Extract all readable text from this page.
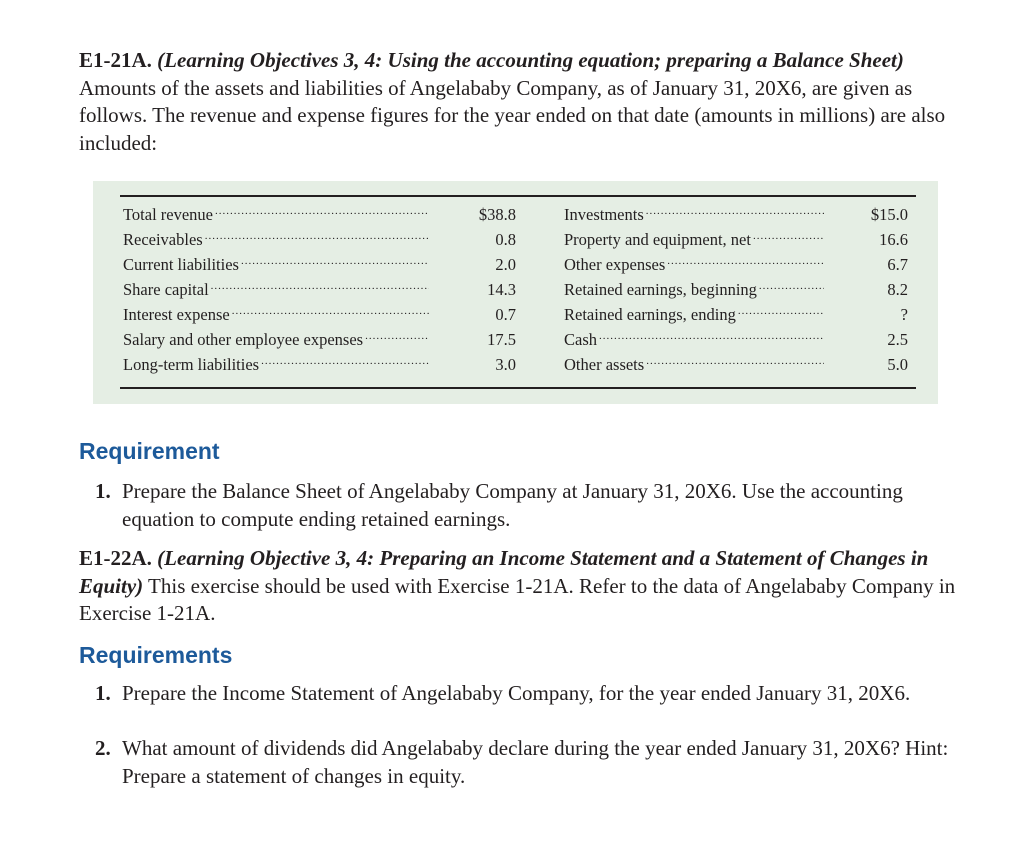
E1-21A. (Learning Objectives 3, 4: Using the accounting equation; preparing a Balance Sheet) Amounts of the assets and liabilities of Angelababy Company, as of January 31, 20X6, are given as follows. The revenue and expense figures for the year ended on that date (amounts in millions) are also included:

Total revenue .....	$38.8
Receivables .....	0.8
Current liabilities .....	2.0
Share capital .....	14.3
Interest expense .....	0.7
Salary and other employee expenses .....	17.5
Long-term liabilities .....	3.0
Investments .....	$15.0
Property and equipment, net .....	16.6
Other expenses .....	6.7
Retained earnings, beginning .....	8.2
Retained earnings, ending .....	?
Cash .....	2.5
Other assets .....	5.0
Requirement
1. Prepare the Balance Sheet of Angelababy Company at January 31, 20X6. Use the accounting equation to compute ending retained earnings.

E1-22A. (Learning Objective 3, 4: Preparing an Income Statement and a Statement of Changes in Equity) This exercise should be used with Exercise 1-21A. Refer to the data of Angelababy Company in Exercise 1-21A.

Requirements
1. Prepare the Income Statement of Angelababy Company, for the year ended January 31, 20X6.
2. What amount of dividends did Angelababy declare during the year ended January 31, 20X6? Hint: Prepare a statement of changes in equity.
